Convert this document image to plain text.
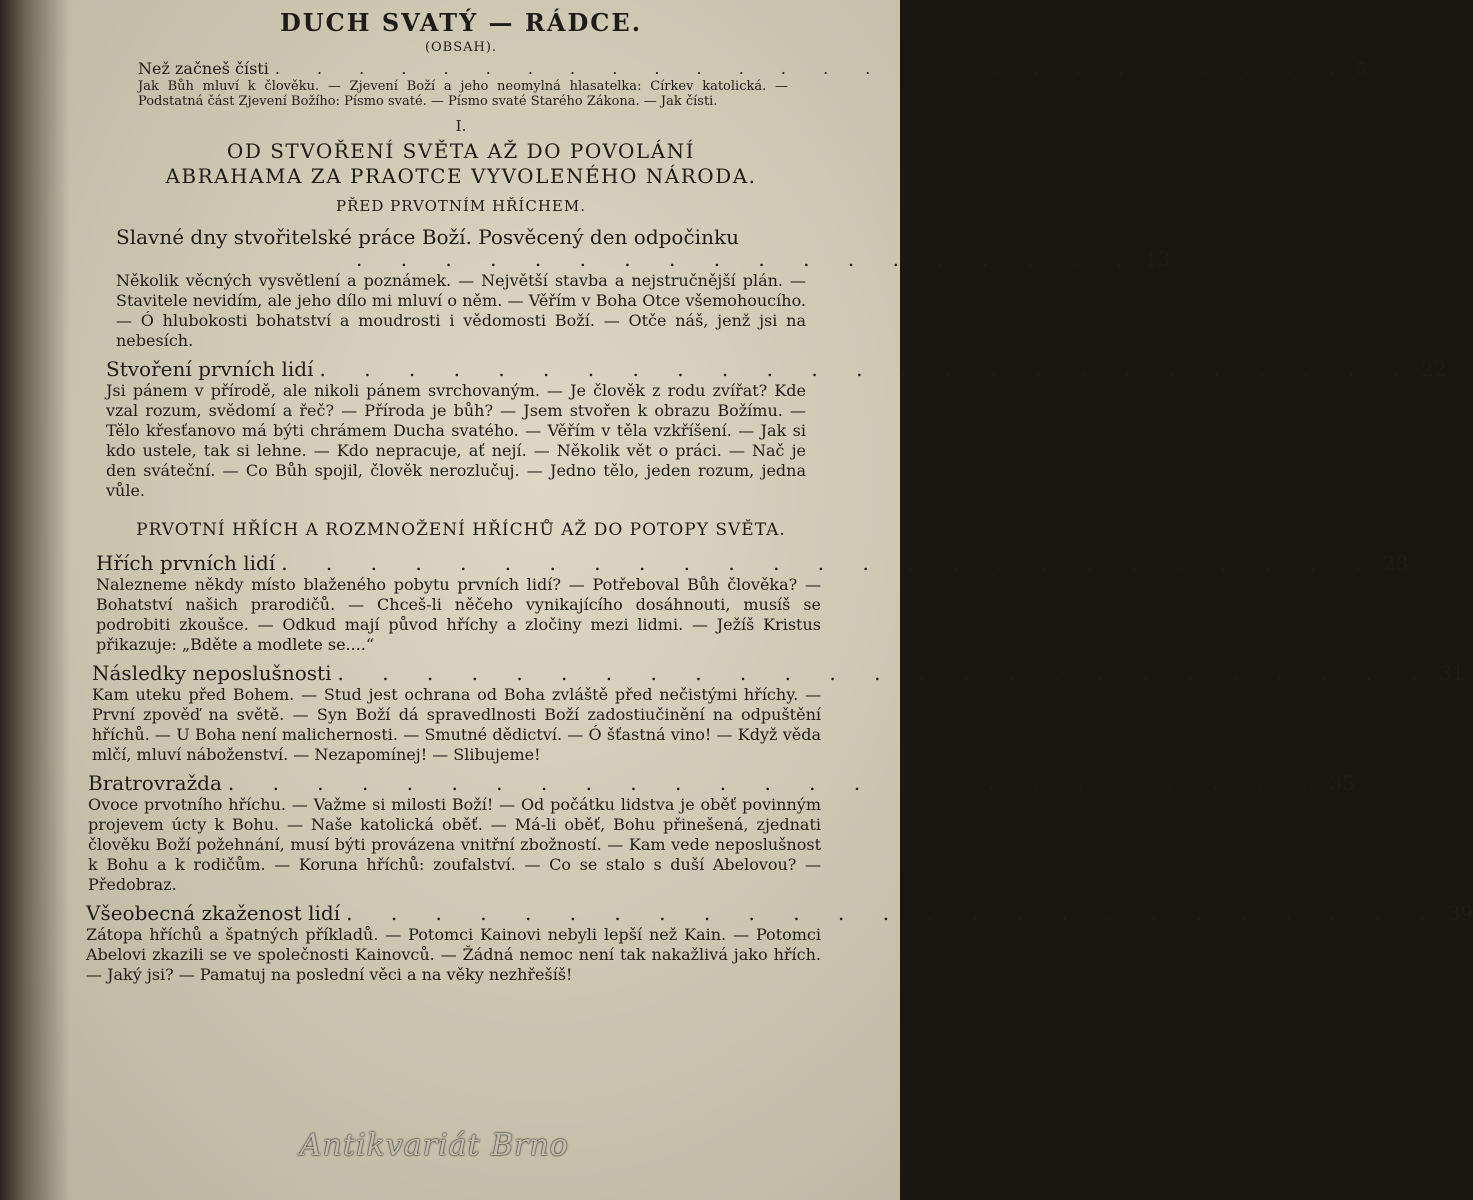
DUCH SVATÝ — RÁDCE.
(OBSAH).
Než začneš čísti . . . . . . . . . . . . . . . . . . . . . . . . . . 5

Jak Bůh mluví k člověku. — Zjevení Boží a jeho neomylná hlasatelka: Církev katolická. — Podstatná část Zjevení Božího: Písmo svaté. — Písmo svaté Starého Zákona. — Jak čísti.

I.

OD STVOŘENÍ SVĚTA AŽ DO POVOLÁNÍ

ABRAHAMA ZA PRAOTCE VYVOLENÉHO NÁRODA.

PŘED PRVOTNÍM HŘÍCHEM.
Slavné dny stvořitelské práce Boží. Posvěcený den odpočinku
. . . . . . . . . . . . . . . . . . 13

Několik věcných vysvětlení a poznámek. — Největší stavba a nejstručnější plán. — Stavitele nevidím, ale jeho dílo mi mluví o něm. — Věřím v Boha Otce všemohoucího. — Ó hlubokosti bohatství a moudrosti i vědomosti Boží. — Otče náš, jenž jsi na nebesích.

Stvoření prvních lidí . . . . . . . . . . . . . . . . . . . . . . . . . 22

Jsi pánem v přírodě, ale nikoli pánem svrchovaným. — Je člověk z rodu zvířat? Kde vzal rozum, svědomí a řeč? — Příroda je bůh? — Jsem stvořen k obrazu Božímu. — Tělo křesťanovo má býti chrámem Ducha svatého. — Věřím v těla vzkříšení. — Jak si kdo ustele, tak si lehne. — Kdo nepracuje, ať nejí. — Několik vět o práci. — Nač je den sváteční. — Co Bůh spojil, člověk nerozlučuj. — Jedno tělo, jeden rozum, jedna vůle.

PRVOTNÍ HŘÍCH A ROZMNOŽENÍ HŘÍCHŮ AŽ DO POTOPY SVĚTA.
Hřích prvních lidí . . . . . . . . . . . . . . . . . . . . . . . . . 28

Nalezneme někdy místo blaženého pobytu prvních lidí? — Potřeboval Bůh člověka? — Bohatství našich prarodičů. — Chceš-li něčeho vynikajícího dosáhnouti, musíš se podrobiti zkoušce. — Odkud mají původ hříchy a zločiny mezi lidmi. — Ježíš Kristus přikazuje: „Bděte a modlete se....“

Následky neposlušnosti . . . . . . . . . . . . . . . . . . . . . . . . . 31

Kam uteku před Bohem. — Stud jest ochrana od Boha zvláště před nečistými hříchy. — První zpověď na světě. — Syn Boží dá spravedlnosti Boží zadostiučinění na odpuštění hříchů. — U Boha není malichernosti. — Smutné dědictví. — Ó šťastná vino! — Když věda mlčí, mluví náboženství. — Nezapomínej! — Slibujeme!

Bratrovražda . . . . . . . . . . . . . . . . . . . . . . . . . 35

Ovoce prvotního hříchu. — Važme si milosti Boží! — Od počátku lidstva je oběť povinným projevem úcty k Bohu. — Naše katolická oběť. — Má-li oběť, Bohu přinešená, zjednati člověku Boží požehnání, musí býti provázena vnitřní zbožností. — Kam vede neposlušnost k Bohu a k rodičům. — Koruna hříchů: zoufalství. — Co se stalo s duší Abelovou? — Předobraz.

Všeobecná zkaženost lidí . . . . . . . . . . . . . . . . . . . . . . . . . 39

Zátopa hříchů a špatných příkladů. — Potomci Kainovi nebyli lepší než Kain. — Potomci Abelovi zkazili se ve společnosti Kainovců. — Žádná nemoc není tak nakažlivá jako hřích. — Jaký jsi? — Pamatuj na poslední věci a na věky nezhřešíš!

Antikvariát Brno
